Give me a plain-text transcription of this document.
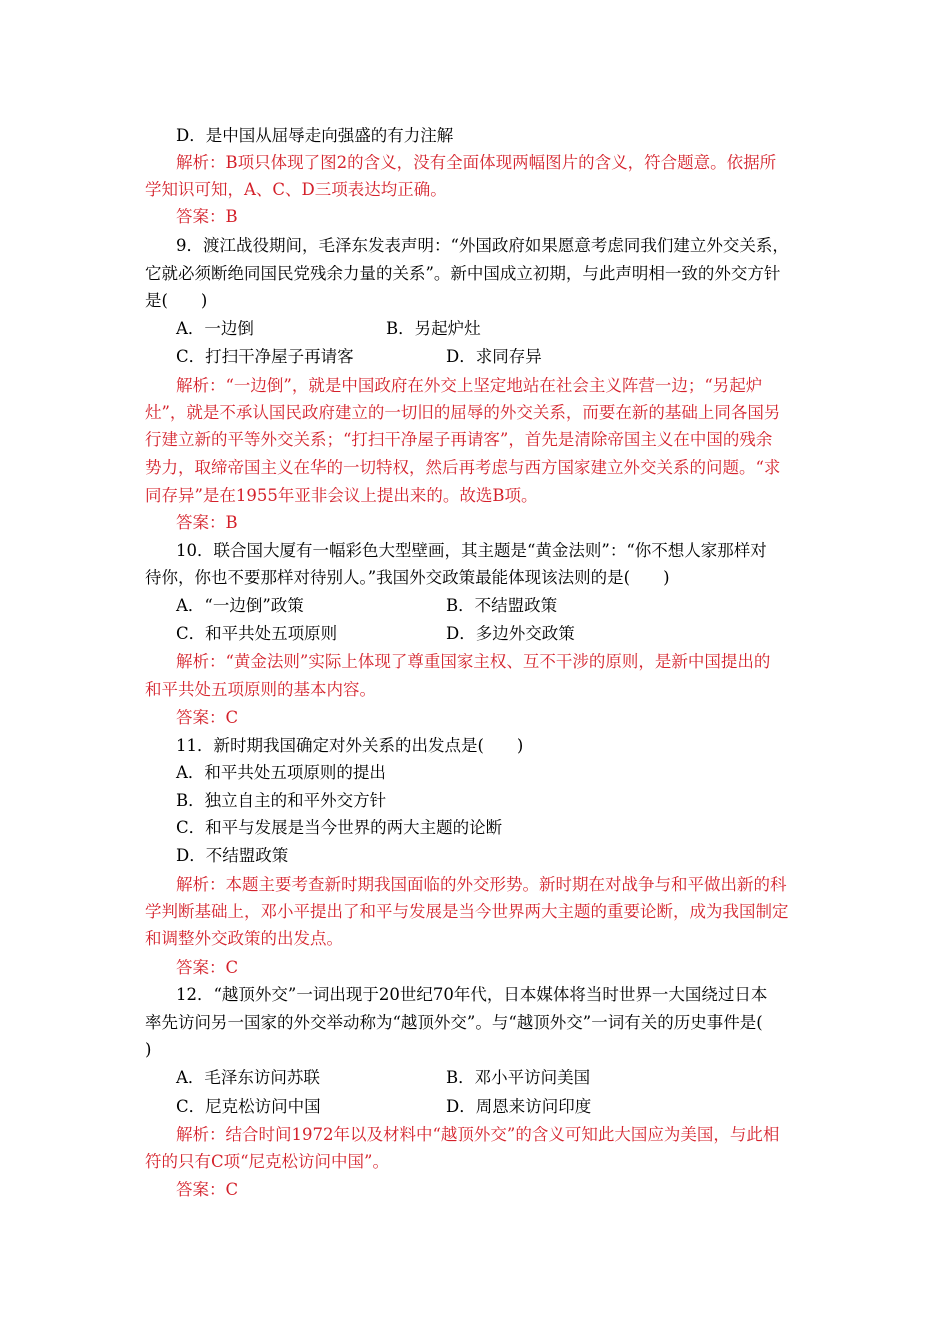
D．是中国从屈辱走向强盛的有力注解
解析：B项只体现了图2的含义，没有全面体现两幅图片的含义，符合题意。依据所
学知识可知，A、C、D三项表达均正确。
答案：B
9．渡江战役期间，毛泽东发表声明：“外国政府如果愿意考虑同我们建立外交关系，
它就必须断绝同国民党残余力量的关系”。新中国成立初期，与此声明相一致的外交方针
是(　　)
A．一边倒	B．另起炉灶
C．打扫干净屋子再请客	D．求同存异
解析：“一边倒”，就是中国政府在外交上坚定地站在社会主义阵营一边；“另起炉
灶”，就是不承认国民政府建立的一切旧的屈辱的外交关系，而要在新的基础上同各国另
行建立新的平等外交关系；“打扫干净屋子再请客”，首先是清除帝国主义在中国的残余
势力，取缔帝国主义在华的一切特权，然后再考虑与西方国家建立外交关系的问题。“求
同存异”是在1955年亚非会议上提出来的。故选B项。
答案：B
10．联合国大厦有一幅彩色大型壁画，其主题是“黄金法则”：“你不想人家那样对
待你，你也不要那样对待别人。”我国外交政策最能体现该法则的是(　　)
A．“一边倒”政策	B．不结盟政策
C．和平共处五项原则	D．多边外交政策
解析：“黄金法则”实际上体现了尊重国家主权、互不干涉的原则，是新中国提出的
和平共处五项原则的基本内容。
答案：C
11．新时期我国确定对外关系的出发点是(　　)
A．和平共处五项原则的提出
B．独立自主的和平外交方针
C．和平与发展是当今世界的两大主题的论断
D．不结盟政策
解析：本题主要考查新时期我国面临的外交形势。新时期在对战争与和平做出新的科
学判断基础上，邓小平提出了和平与发展是当今世界两大主题的重要论断，成为我国制定
和调整外交政策的出发点。
答案：C
12．“越顶外交”一词出现于20世纪70年代，日本媒体将当时世界一大国绕过日本
率先访问另一国家的外交举动称为“越顶外交”。与“越顶外交”一词有关的历史事件是(
)
A．毛泽东访问苏联	B．邓小平访问美国
C．尼克松访问中国	D．周恩来访问印度
解析：结合时间1972年以及材料中“越顶外交”的含义可知此大国应为美国，与此相
符的只有C项“尼克松访问中国”。
答案：C
